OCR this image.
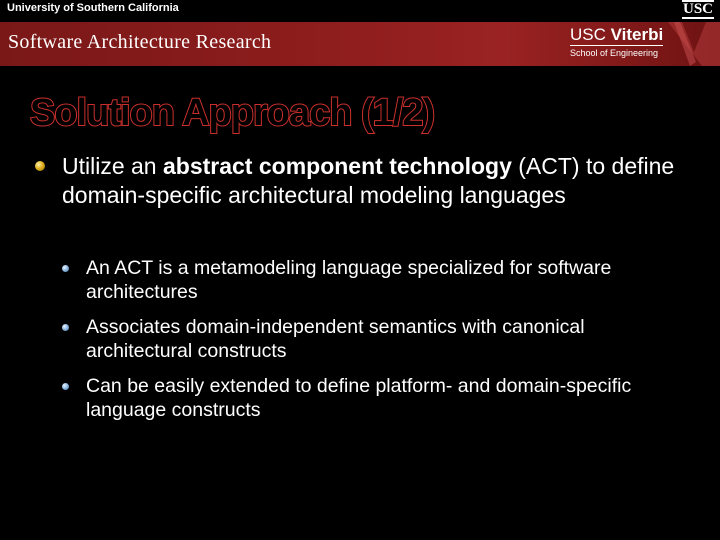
University of Southern California	USC
Software Architecture Research	USC Viterbi
School of Engineering
Solution Approach (1/2)
Utilize an abstract component technology (ACT) to define domain-specific architectural modeling languages
An ACT is a metamodeling language specialized for software architectures
Associates domain-independent semantics with canonical architectural constructs
Can be easily extended to define platform- and domain-specific language constructs
